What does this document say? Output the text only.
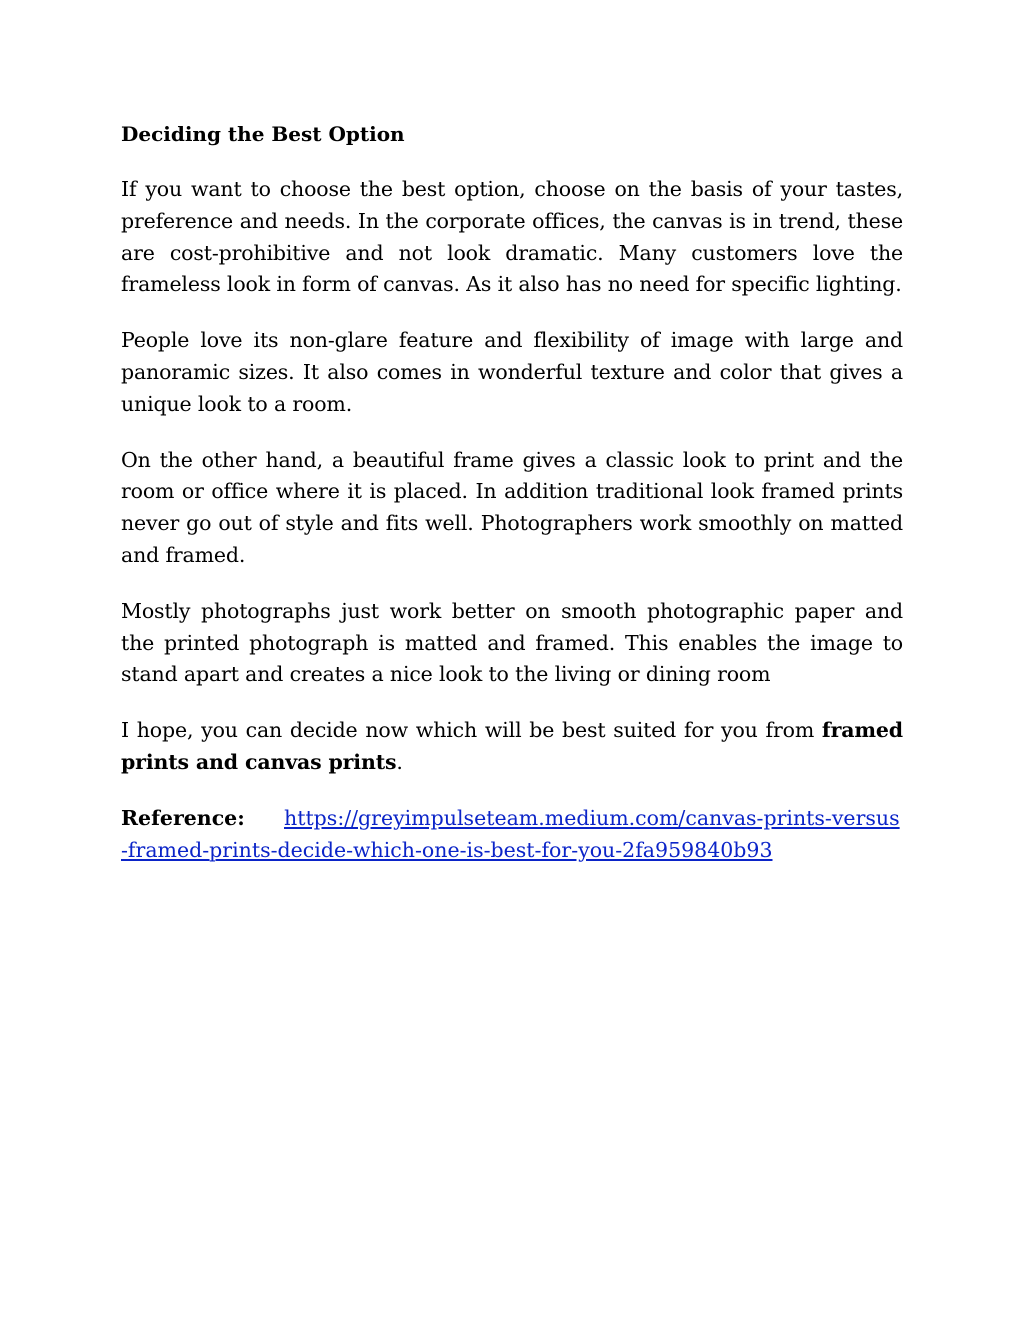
Deciding the Best Option

If you want to choose the best option, choose on the basis of your tastes, preference and needs. In the corporate offices, the canvas is in trend, these are cost-prohibitive and not look dramatic. Many customers love the frameless look in form of canvas. As it also has no need for specific lighting.

People love its non-glare feature and flexibility of image with large and panoramic sizes. It also comes in wonderful texture and color that gives a unique look to a room.

On the other hand, a beautiful frame gives a classic look to print and the room or office where it is placed. In addition traditional look framed prints never go out of style and fits well. Photographers work smoothly on matted and framed.

Mostly photographs just work better on smooth photographic paper and the printed photograph is matted and framed. This enables the image to stand apart and creates a nice look to the living or dining room

I hope, you can decide now which will be best suited for you from framed prints and canvas prints.

Reference: https://greyimpulseteam.medium.com/canvas-prints-versus-framed-prints-decide-which-one-is-best-for-you-2fa959840b93
